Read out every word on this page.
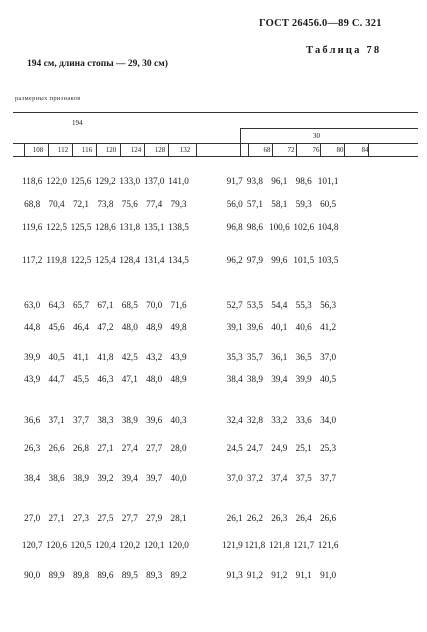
ГОСТ 26456.0—89 С. 321
Таблица 78
194 см, длина стопы — 29, 30 см)
размерных признаков
194
30
108	112	116	120	124	128	132	68	72	76	80	84
118,6 122,0 125,6 129,2 133,0 137,0 141,0	91,7 93,8 96,1 98,6 101,1
68,8 70,4 72,1 73,8 75,6 77,4 79,3	56,0 57,1 58,1 59,3 60,5
119,6 122,5 125,5 128,6 131,8 135,1 138,5	96,8 98,6 100,6 102,6 104,8
117,2 119,8 122,5 125,4 128,4 131,4 134,5	96,2 97,9 99,6 101,5 103,5
63,0 64,3 65,7 67,1 68,5 70,0 71,6	52,7 53,5 54,4 55,3 56,3
44,8 45,6 46,4 47,2 48,0 48,9 49,8	39,1 39,6 40,1 40,6 41,2
39,9 40,5 41,1 41,8 42,5 43,2 43,9	35,3 35,7 36,1 36,5 37,0
43,9 44,7 45,5 46,3 47,1 48,0 48,9	38,4 38,9 39,4 39,9 40,5
36,6 37,1 37,7 38,3 38,9 39,6 40,3	32,4 32,8 33,2 33,6 34,0
26,3 26,6 26,8 27,1 27,4 27,7 28,0	24,5 24,7 24,9 25,1 25,3
38,4 38,6 38,9 39,2 39,4 39,7 40,0	37,0 37,2 37,4 37,5 37,7
27,0 27,1 27,3 27,5 27,7 27,9 28,1	26,1 26,2 26,3 26,4 26,6
120,7 120,6 120,5 120,4 120,2 120,1 120,0	121,9 121,8 121,8 121,7 121,6
90,0 89,9 89,8 89,6 89,5 89,3 89,2	91,3 91,2 91,2 91,1 91,0
